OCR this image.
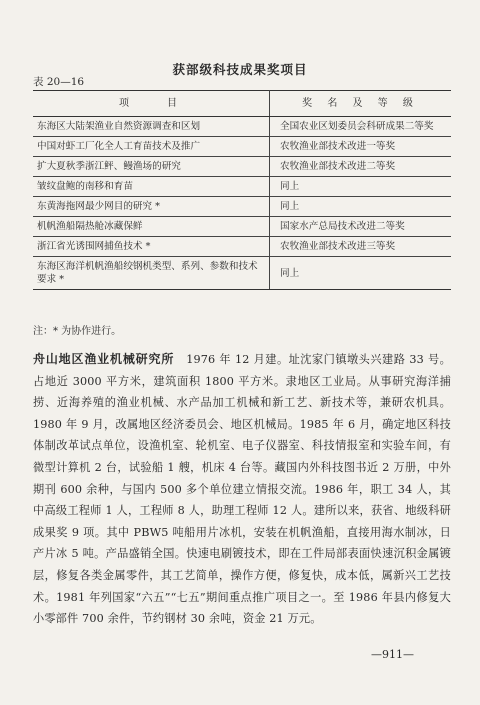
获部级科技成果奖项目
表 20—16
项　　目	奖 名 及 等 级
东海区大陆架渔业自然资源调查和区划	全国农业区划委员会科研成果二等奖
中国对虾工厂化全人工育苗技术及推广	农牧渔业部技术改进一等奖
扩大夏秋季浙江鲆、鳗渔场的研究	农牧渔业部技术改进二等奖
皱纹盘鲍的南移和育苗	同上
东黄海拖网最少网目的研究 *	同上
机帆渔船隔热舱冰藏保鲜	国家水产总局技术改进二等奖
浙江省光诱围网捕鱼技术 *	农牧渔业部技术改进三等奖
东海区海洋机帆渔船绞钢机类型、系列、参数和技术要求 *	同上
注：* 为协作进行。
舟山地区渔业机械研究所 1976 年 12 月建。址沈家门镇墩头兴建路 33 号。占地近 3000 平方米，建筑面积 1800 平方米。隶地区工业局。从事研究海洋捕捞、近海养殖的渔业机械、水产品加工机械和新工艺、新技术等，兼研农机具。1980 年 9 月，改属地区经济委员会、地区机械局。1985 年 6 月，确定地区科技体制改革试点单位，设渔机室、轮机室、电子仪器室、科技情报室和实验车间，有微型计算机 2 台，试验船 1 艘，机床 4 台等。藏国内外科技图书近 2 万册，中外期刊 600 余种，与国内 500 多个单位建立情报交流。1986 年，职工 34 人，其中高级工程师 1 人，工程师 8 人，助理工程师 12 人。建所以来，获省、地级科研成果奖 9 项。其中 PBW5 吨船用片冰机，安装在机帆渔船，直接用海水制冰，日产片冰 5 吨。产品盛销全国。快速电刷镀技术，即在工件局部表面快速沉积金属镀层，修复各类金属零件，其工艺简单，操作方便，修复快，成本低，属新兴工艺技术。1981 年列国家“六五”“七五”期间重点推广项目之一。至 1986 年县内修复大小零部件 700 余件，节约钢材 30 余吨，资金 21 万元。
—911—
